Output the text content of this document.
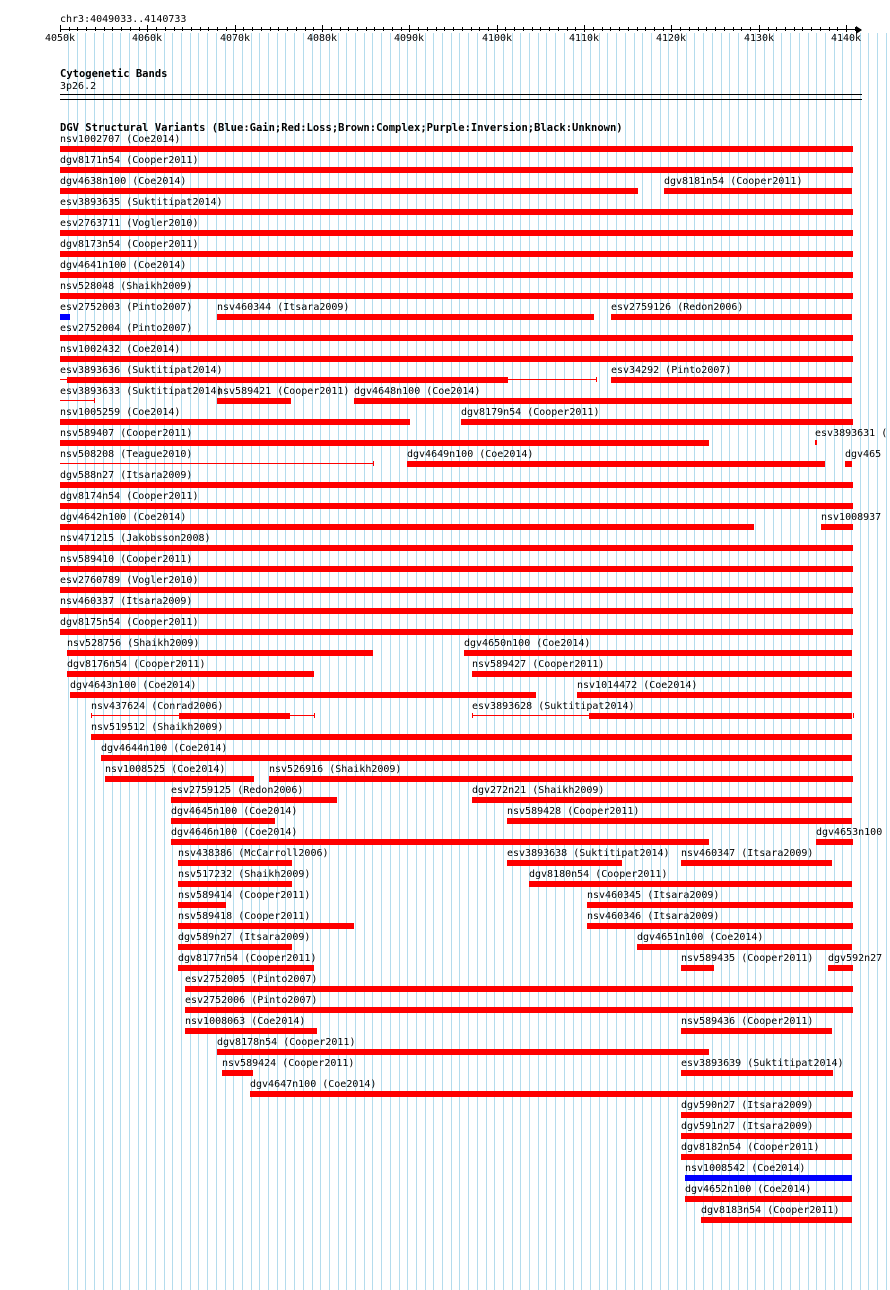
chr3:4049033..4140733
4050k	4060k	4070k	4080k	4090k	4100k	4110k	4120k	4130k	4140k
Cytogenetic Bands
3p26.2
DGV Structural Variants (Blue:Gain;Red:Loss;Brown:Complex;Purple:Inversion;Black:Unknown)
nsv1002707 (Coe2014)
dgv8171n54 (Cooper2011)
dgv4638n100 (Coe2014)	dgv8181n54 (Cooper2011)
esv3893635 (Suktitipat2014)
esv2763711 (Vogler2010)
dgv8173n54 (Cooper2011)
dgv4641n100 (Coe2014)
nsv528048 (Shaikh2009)
esv2752003 (Pinto2007) nsv460344 (Itsara2009)	esv2759126 (Redon2006)
esv2752004 (Pinto2007)
nsv1002432 (Coe2014)
esv3893636 (Suktitipat2014)	esv34292 (Pinto2007)
esv3893633 (Suktitipat2014)
nsv589421 (Cooper2011) dgv4648n100 (Coe2014)
nsv1005259 (Coe2014)	dgv8179n54 (Cooper2011)
nsv589407 (Cooper2011)	esv3893631 (
nsv508208 (Teague2010)	dgv4649n100 (Coe2014)	dgv465
dgv588n27 (Itsara2009)
dgv8174n54 (Cooper2011)
dgv4642n100 (Coe2014)	nsv1008937
nsv471215 (Jakobsson2008)
nsv589410 (Cooper2011)
esv2760789 (Vogler2010)
nsv460337 (Itsara2009)
dgv8175n54 (Cooper2011)
nsv528756 (Shaikh2009)	dgv4650n100 (Coe2014)
dgv8176n54 (Cooper2011)	nsv589427 (Cooper2011)
dgv4643n100 (Coe2014)	nsv1014472 (Coe2014)
nsv437624 (Conrad2006)	esv3893628 (Suktitipat2014)
nsv519512 (Shaikh2009)
dgv4644n100 (Coe2014)
nsv1008525 (Coe2014)	nsv526916 (Shaikh2009)
esv2759125 (Redon2006)	dgv272n21 (Shaikh2009)
dgv4645n100 (Coe2014)	nsv589428 (Cooper2011)
dgv4646n100 (Coe2014)	dgv4653n100
nsv438386 (McCarroll2006)	esv3893638 (Suktitipat2014) nsv460347 (Itsara2009)
nsv517232 (Shaikh2009)	dgv8180n54 (Cooper2011)
nsv589414 (Cooper2011)	nsv460345 (Itsara2009)
nsv589418 (Cooper2011)	nsv460346 (Itsara2009)
dgv589n27 (Itsara2009)	dgv4651n100 (Coe2014)
dgv8177n54 (Cooper2011)	nsv589435 (Cooper2011) dgv592n27
esv2752005 (Pinto2007)
esv2752006 (Pinto2007)
nsv1008063 (Coe2014)	nsv589436 (Cooper2011)
dgv8178n54 (Cooper2011)
nsv589424 (Cooper2011)	esv3893639 (Suktitipat2014)
dgv4647n100 (Coe2014)
dgv590n27 (Itsara2009)
dgv591n27 (Itsara2009)
dgv8182n54 (Cooper2011)
nsv1008542 (Coe2014)
dgv4652n100 (Coe2014)
dgv8183n54 (Cooper2011)
